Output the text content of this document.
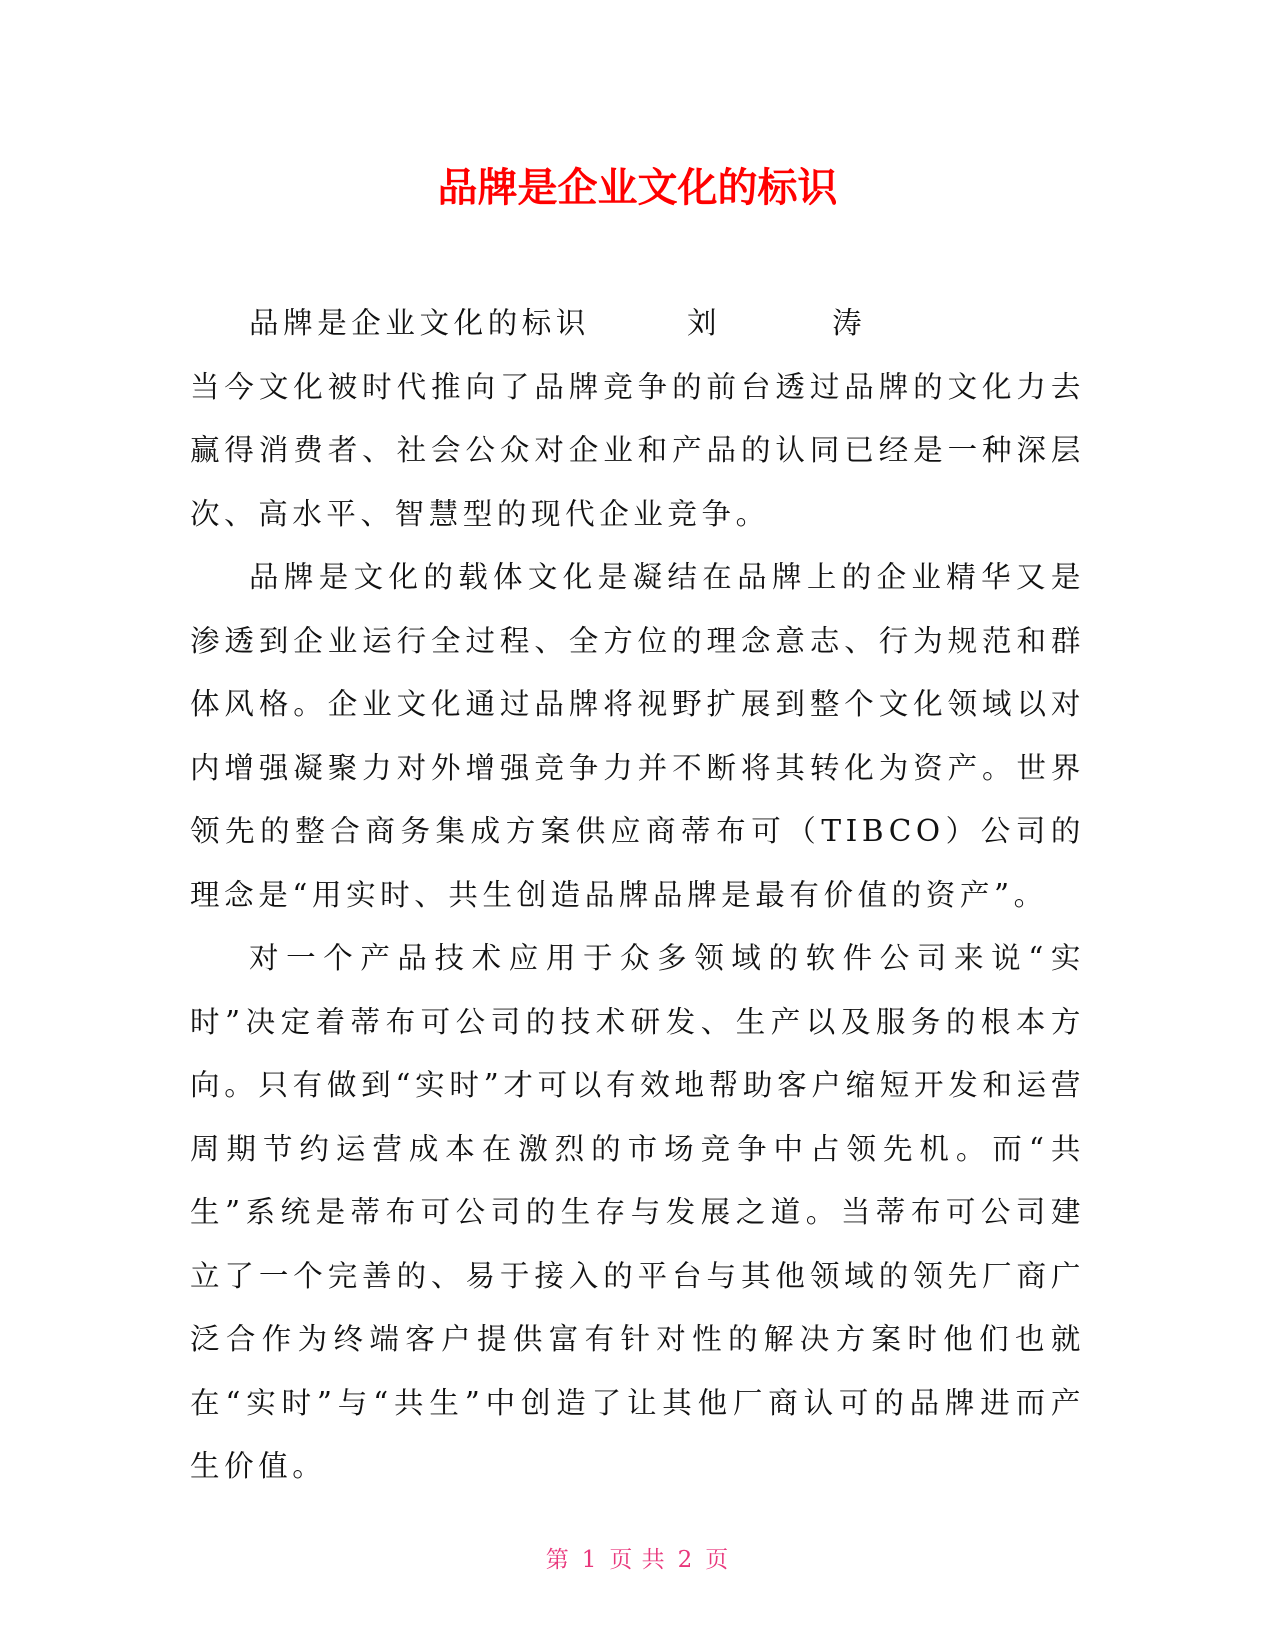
品牌是企业文化的标识

品牌是企业文化的标识	刘	涛

当今文化被时代推向了品牌竞争的前台透过品牌的文化力去赢得消费者、社会公众对企业和产品的认同已经是一种深层次、高水平、智慧型的现代企业竞争。

品牌是文化的载体文化是凝结在品牌上的企业精华又是渗透到企业运行全过程、全方位的理念意志、行为规范和群体风格。企业文化通过品牌将视野扩展到整个文化领域以对内增强凝聚力对外增强竞争力并不断将其转化为资产。世界领先的整合商务集成方案供应商蒂布可（TIBCO）公司的理念是“用实时、共生创造品牌品牌是最有价值的资产”。

对一个产品技术应用于众多领域的软件公司来说“实时”决定着蒂布可公司的技术研发、生产以及服务的根本方向。只有做到“实时”才可以有效地帮助客户缩短开发和运营周期节约运营成本在激烈的市场竞争中占领先机。而“共生”系统是蒂布可公司的生存与发展之道。当蒂布可公司建立了一个完善的、易于接入的平台与其他领域的领先厂商广泛合作为终端客户提供富有针对性的解决方案时他们也就在“实时”与“共生”中创造了让其他厂商认可的品牌进而产生价值。

第 1 页 共 2 页
